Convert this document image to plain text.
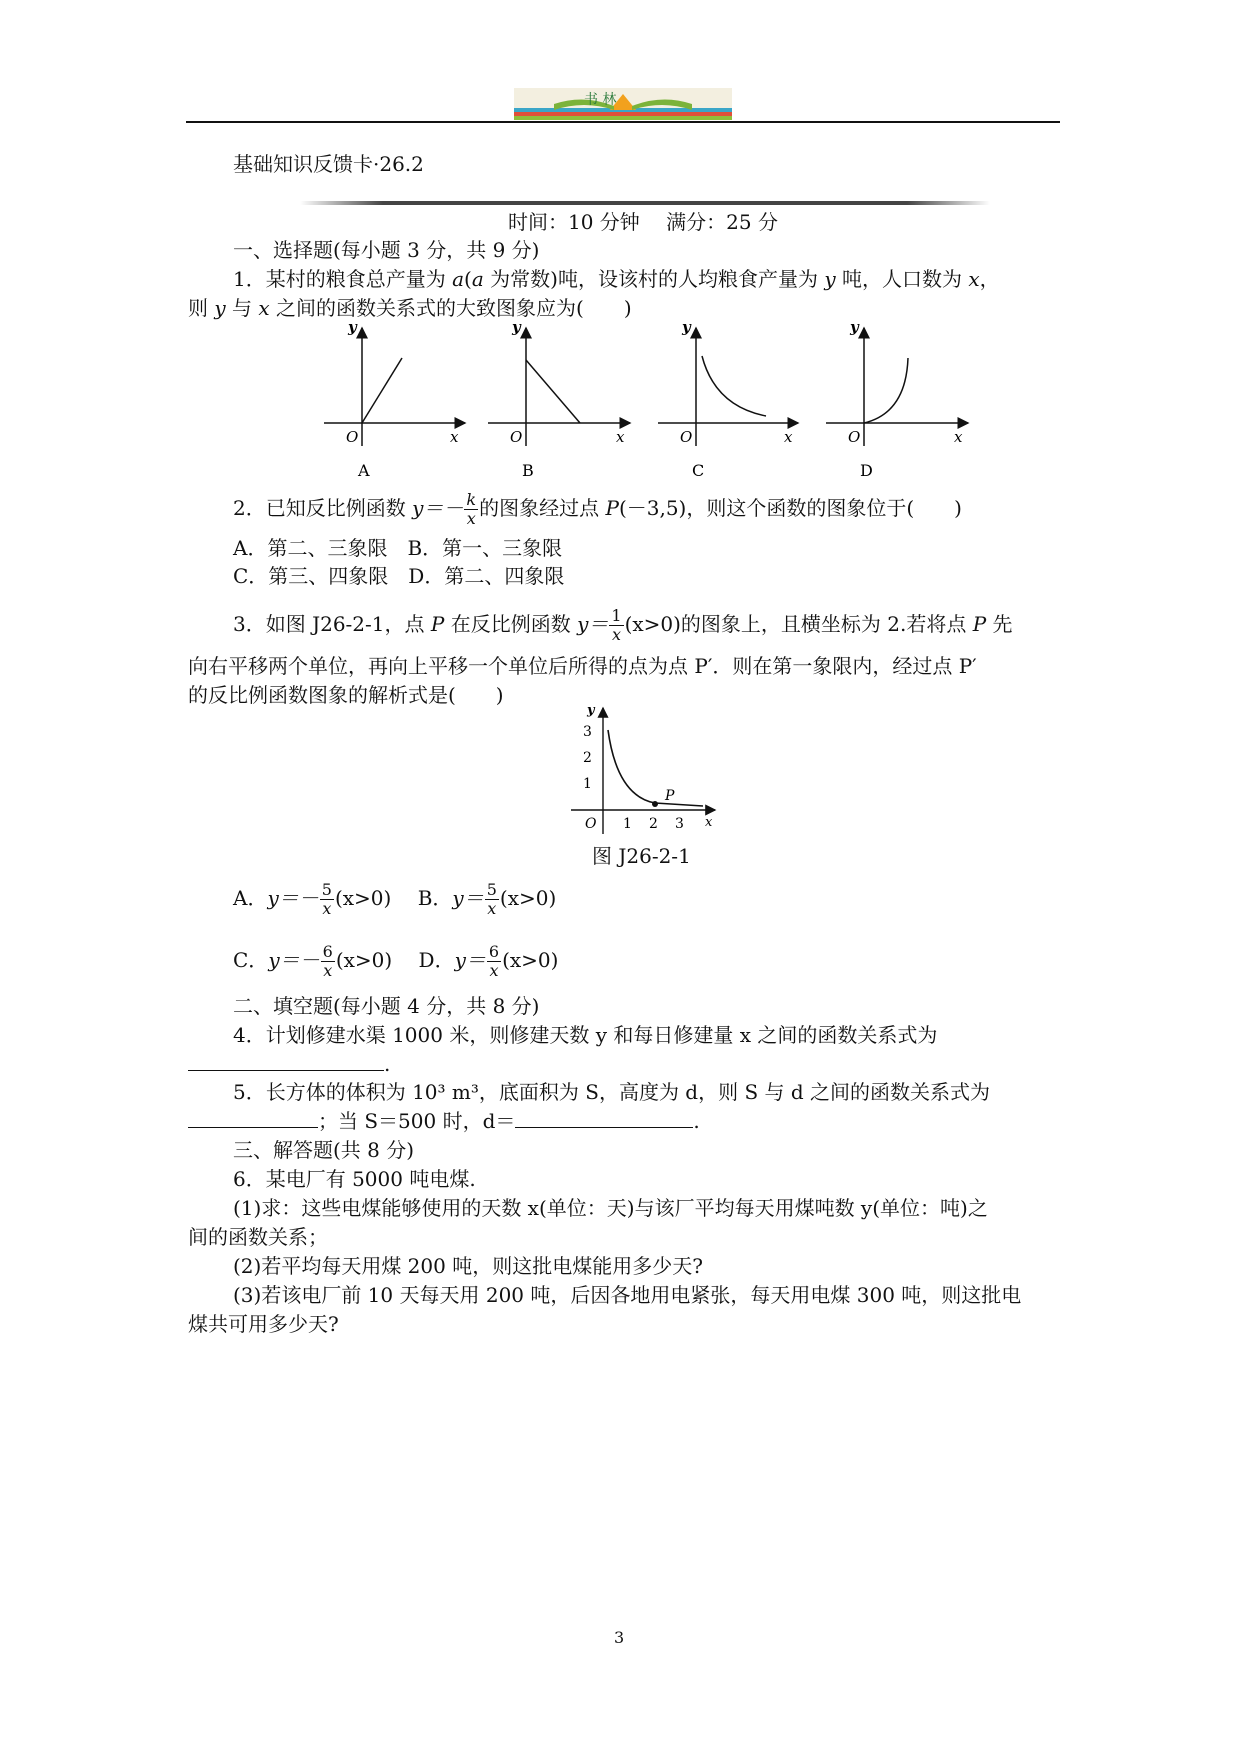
书 林
基础知识反馈卡·26.2
时间：10 分钟　 满分：25 分
一、选择题(每小题 3 分，共 9 分)
1．某村的粮食总产量为 a(a 为常数)吨，设该村的人均粮食产量为 y 吨，人口数为 x，
则 y 与 x 之间的函数关系式的大致图象应为(　　)
y
x
O
A
y
x
O
B
y
x
O
C
y
x
O
D
2．已知反比例函数 $y=- \frac{k}{x}$ 的图象经过点 P(－3,5)，则这个函数的图象位于(　　)
A．第二、三象限　B．第一、三象限
C．第三、四象限　D．第二、四象限
3．如图 J26-2-1，点 P 在反比例函数 $y= \frac{1}{x} (x>0)$的图象上，且横坐标为 2.若将点 P 先
向右平移两个单位，再向上平移一个单位后所得的点为点 P′．则在第一象限内，经过点 P′
的反比例函数图象的解析式是(　　)
P
y
x
O
1
2
3
1 2 3
图 J26-2-1
A．$y=- \frac{5}{x} (x>0)$　 B．$y= \frac{5}{x} (x>0)$
C．$y=- \frac{6}{x} (x>0)$　 D．$y= \frac{6}{x} (x>0)$
二、填空题(每小题 4 分，共 8 分)
4．计划修建水渠 1000 米，则修建天数 y 和每日修建量 x 之间的函数关系式为
.
5．长方体的体积为 10³ m³，底面积为 S，高度为 d，则 S 与 d 之间的函数关系式为
；当 S＝500 时，d＝	.
三、解答题(共 8 分)
6．某电厂有 5000 吨电煤.
(1)求：这些电煤能够使用的天数 x(单位：天)与该厂平均每天用煤吨数 y(单位：吨)之
间的函数关系；
(2)若平均每天用煤 200 吨，则这批电煤能用多少天?
(3)若该电厂前 10 天每天用 200 吨，后因各地用电紧张，每天用电煤 300 吨，则这批电
煤共可用多少天?
3
